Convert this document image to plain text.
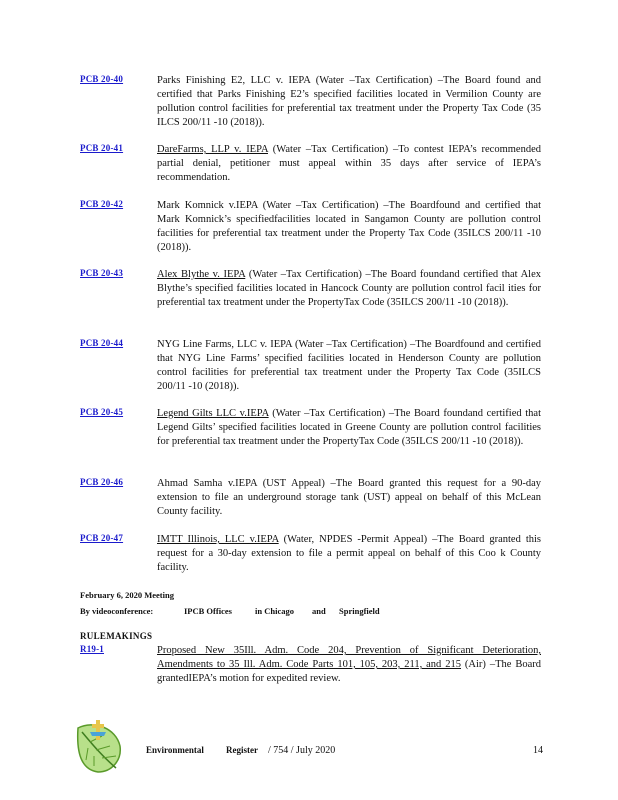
PCB 20-40	Parks Finishing E2, LLC v. IEPA (Water –Tax Certification) –The Board found and certified that Parks Finishing E2’s specified facilities located in Vermilion County are pollution control facilities for preferential tax treatment under the Property Tax Code (35 ILCS 200/11 -10 (2018)).

PCB 20-41	DareFarms, LLP v. IEPA (Water –Tax Certification) –To contest IEPA’s recommended partial denial, petitioner must appeal within 35 days after service of IEPA’s recommendation.

PCB 20-42	Mark Komnick v.IEPA (Water –Tax Certification) –The Boardfound and certified that Mark Komnick’s specifiedfacilities located in Sangamon County are pollution control facilities for preferential tax treatment under the Property Tax Code (35ILCS 200/11 -10 (2018)).

PCB 20-43	Alex Blythe v. IEPA (Water –Tax Certification) –The Board foundand certified that Alex Blythe’s specified facilities located in Hancock County are pollution control facil ities for preferential tax treatment under the PropertyTax Code (35ILCS 200/11 -10 (2018)).

PCB 20-44	NYG Line Farms, LLC v. IEPA (Water –Tax Certification) –The Boardfound and certified that NYG Line Farms’ specified facilities located in Henderson County are pollution control facilities for preferential tax treatment under the Property Tax Code (35ILCS 200/11 -10 (2018)).

PCB 20-45	Legend Gilts LLC v.IEPA (Water –Tax Certification) –The Board foundand certified that Legend Gilts’ specified facilities located in Greene County are pollution control facilities for preferential tax treatment under the PropertyTax Code (35ILCS 200/11 -10 (2018)).

PCB 20-46	Ahmad Samha v.IEPA (UST Appeal) –The Board granted this request for a 90-day extension to file an underground storage tank (UST) appeal on behalf of this McLean County facility.

PCB 20-47	IMTT Illinois, LLC v.IEPA (Water, NPDES -Permit Appeal) –The Board granted this request for a 30-day extension to file a permit appeal on behalf of this Coo k County facility.

February 6, 2020 Meeting

By videoconference:	IPCB Offices	in Chicago and Springfield

RULEMAKINGS

R19-1	Proposed New 35Ill. Adm. Code 204, Prevention of Significant Deterioration, Amendments to 35 Ill. Adm. Code Parts 101, 105, 203, 211, and 215 (Air) –The Board grantedIEPA’s motion for expedited review.

Environmental Register / 754 / July 2020	14
